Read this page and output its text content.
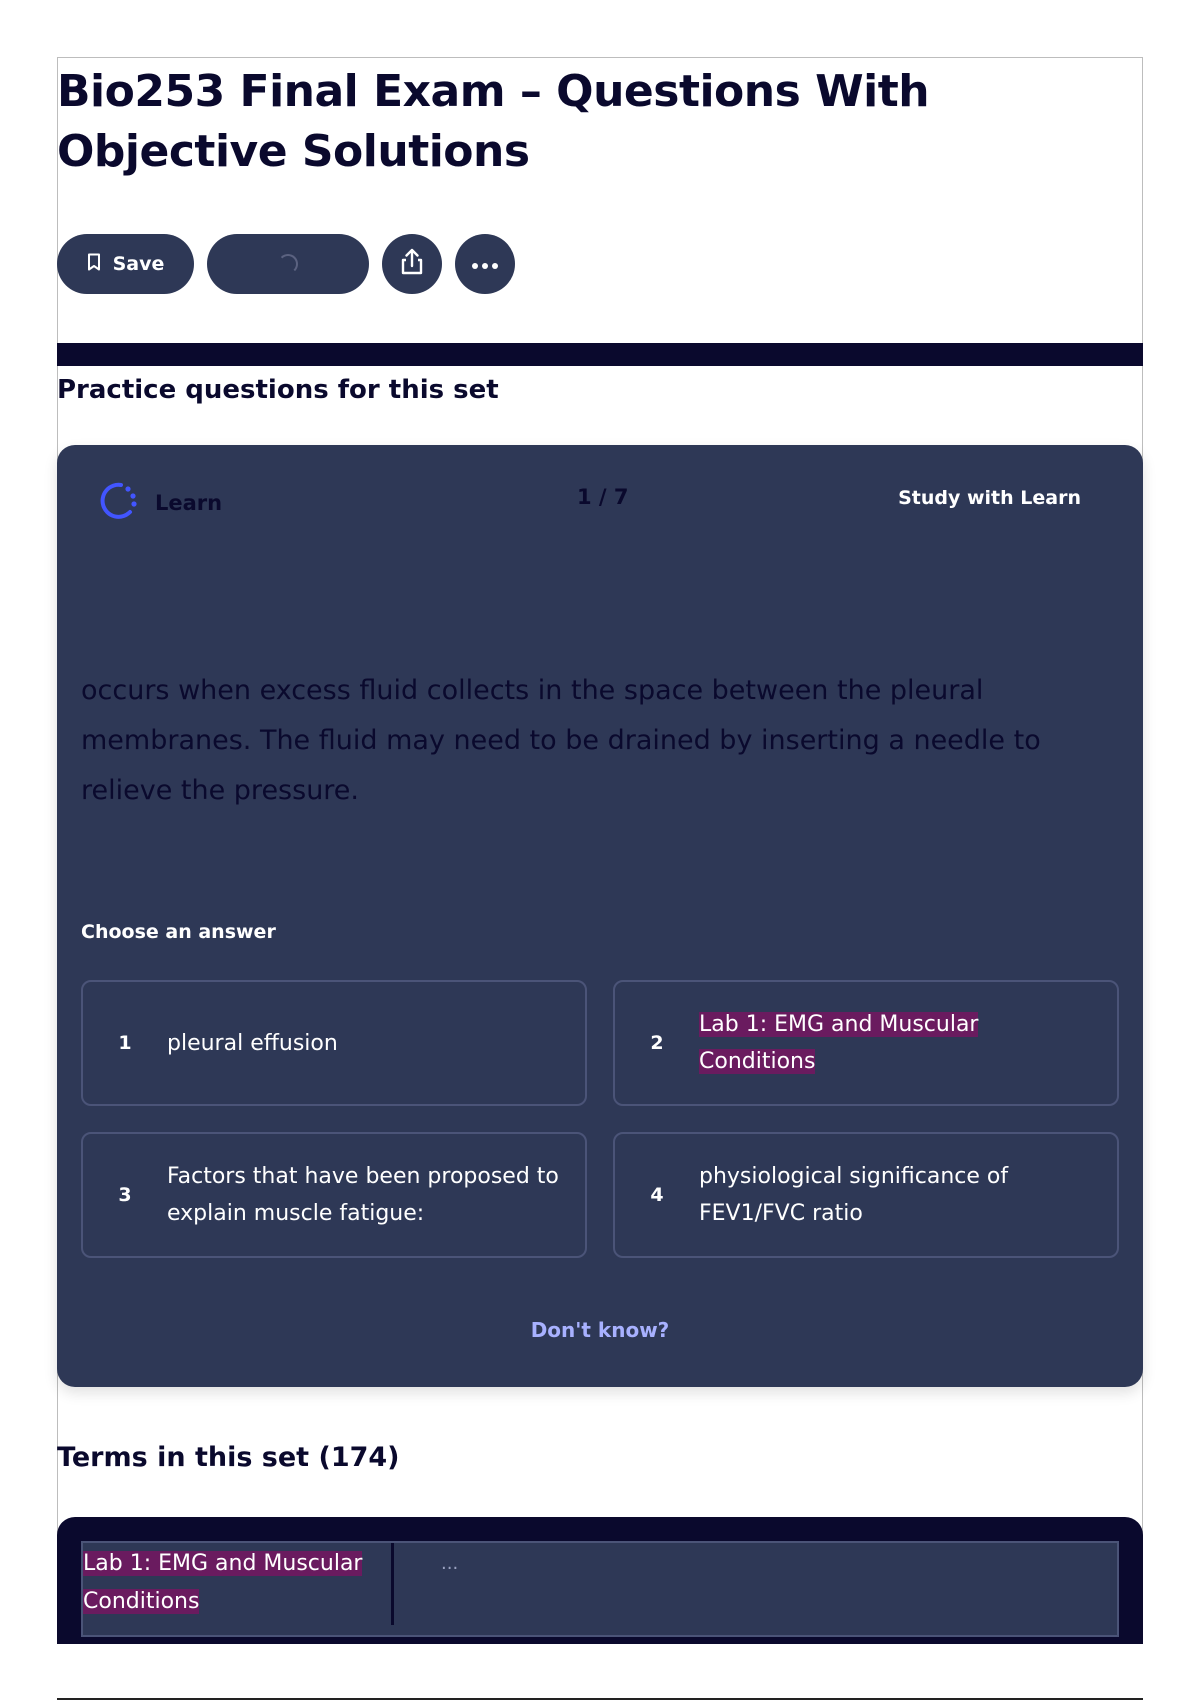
Bio253 Final Exam – Questions With Objective Solutions
Save
Practice questions for this set
Learn	1 / 7	Study with Learn

occurs when excess fluid collects in the space between the pleural membranes. The fluid may need to be drained by inserting a needle to relieve the pressure.

Choose an answer
1	pleural effusion	2
Lab 1: EMG and Muscular Conditions
3
Factors that have been proposed to explain muscle fatigue:
4
physiological significance of FEV1/FVC ratio
Don't know?
Terms in this set (174)
Lab 1: EMG and Muscular Conditions
...
